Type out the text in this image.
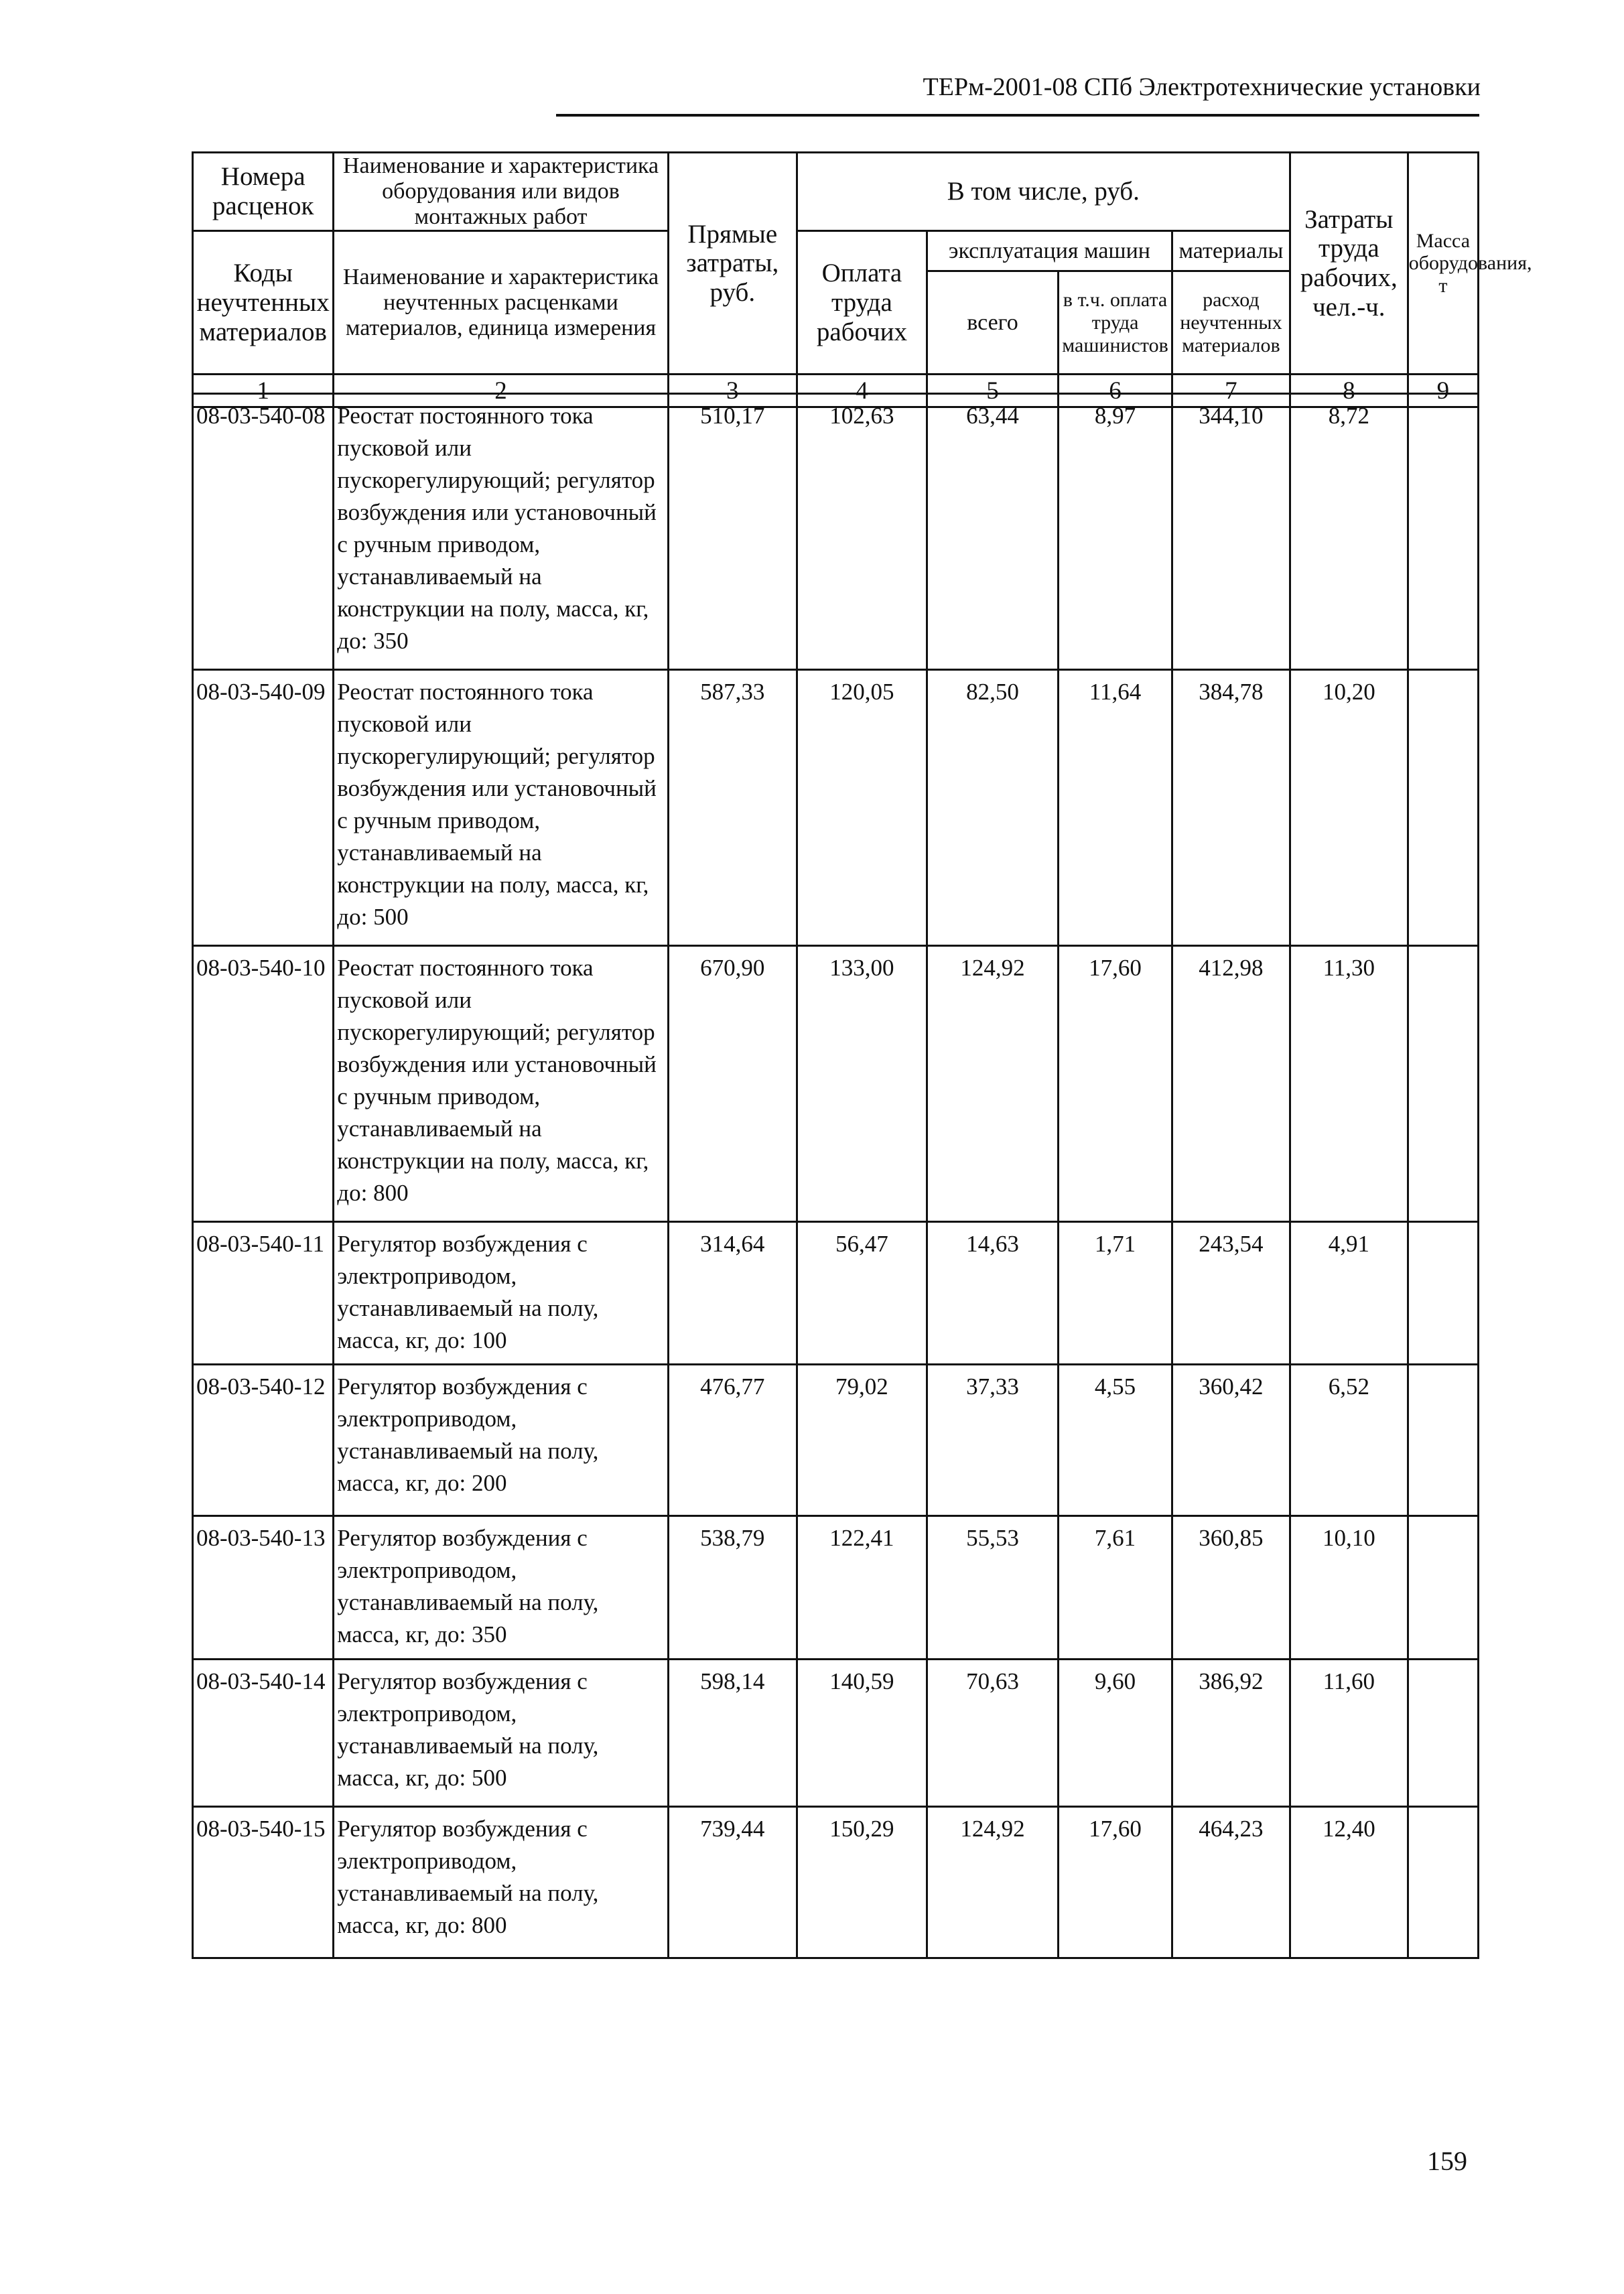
ТЕРм-2001-08 СПб Электротехнические установки
Номера расценок	Наименование и характеристика оборудования или видов монтажных работ	Прямые затраты, руб.	В том числе, руб.				Затраты труда рабочих, чел.-ч.	Масса оборудования, т
Коды неучтенных материалов	Наименование и характеристика неучтенных расценками материалов, единица измерения		Оплата труда рабочих	эксплуатация машин		материалы		
				всего	в т.ч. оплата труда машинистов	расход неучтенных материалов		
1	2	3	4	5	6	7	8	9
08-03-540-08	Реостат постоянного тока пусковой или пускорегулирующий; регулятор возбуждения или установочный с ручным приводом, устанавливаемый на конструкции на полу, масса, кг, до: 350	510,17	102,63	63,44	8,97	344,10	8,72	
08-03-540-09	Реостат постоянного тока пусковой или пускорегулирующий; регулятор возбуждения или установочный с ручным приводом, устанавливаемый на конструкции на полу, масса, кг, до: 500	587,33	120,05	82,50	11,64	384,78	10,20	
08-03-540-10	Реостат постоянного тока пусковой или пускорегулирующий; регулятор возбуждения или установочный с ручным приводом, устанавливаемый на конструкции на полу, масса, кг, до: 800	670,90	133,00	124,92	17,60	412,98	11,30	
08-03-540-11	Регулятор возбуждения с электроприводом, устанавливаемый на полу, масса, кг, до: 100	314,64	56,47	14,63	1,71	243,54	4,91	
08-03-540-12	Регулятор возбуждения с электроприводом, устанавливаемый на полу, масса, кг, до: 200	476,77	79,02	37,33	4,55	360,42	6,52	
08-03-540-13	Регулятор возбуждения с электроприводом, устанавливаемый на полу, масса, кг, до: 350	538,79	122,41	55,53	7,61	360,85	10,10	
08-03-540-14	Регулятор возбуждения с электроприводом, устанавливаемый на полу, масса, кг, до: 500	598,14	140,59	70,63	9,60	386,92	11,60	
08-03-540-15	Регулятор возбуждения с электроприводом, устанавливаемый на полу, масса, кг, до: 800	739,44	150,29	124,92	17,60	464,23	12,40	
159
